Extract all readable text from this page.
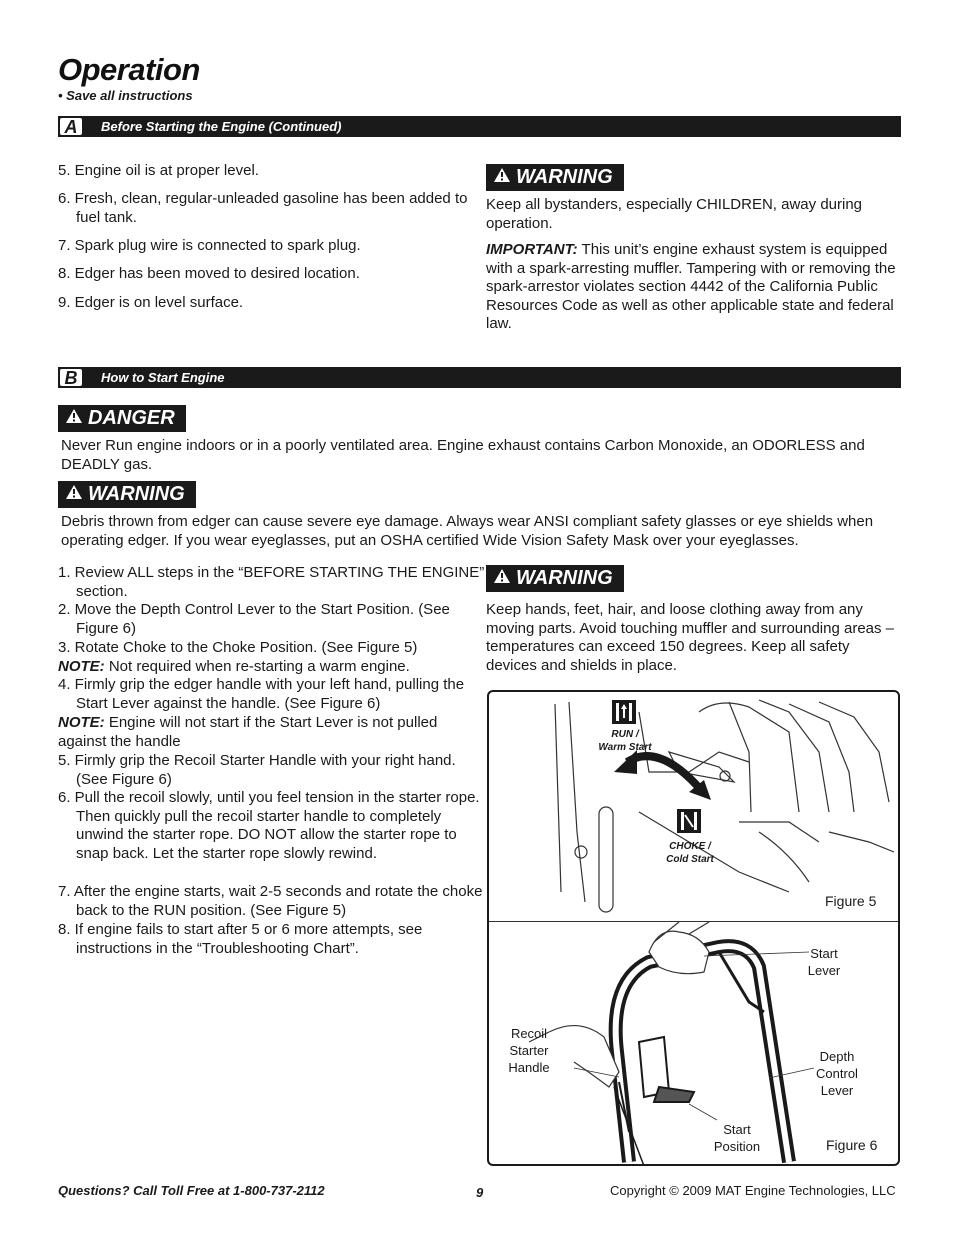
Operation
• Save all instructions
A	Before Starting the Engine (Continued)
5. Engine oil is at proper level.
6. Fresh, clean, regular-unleaded gasoline has been added to fuel tank.
7. Spark plug wire is connected to spark plug.
8. Edger has been moved to desired location.
9. Edger is on level surface.
WARNING
Keep all bystanders, especially CHILDREN, away during operation.
IMPORTANT: This unit’s engine exhaust system is equipped with a spark-arresting muffler. Tampering with or removing the spark-arrestor violates section 4442 of the California Public Resources Code as well as other applicable state and federal law.
B	How to Start Engine
DANGER
Never Run engine indoors or in a poorly ventilated area. Engine exhaust contains Carbon Monoxide, an ODORLESS and DEADLY gas.
WARNING
Debris thrown from edger can cause severe eye damage. Always wear ANSI compliant safety glasses or eye shields when operating edger. If you wear eyeglasses, put an OSHA certified Wide Vision Safety Mask over your eyeglasses.
1. Review ALL steps in the “BEFORE STARTING THE ENGINE” section.
2. Move the Depth Control Lever to the Start Position. (See Figure 6)
3. Rotate Choke to the Choke Position. (See Figure 5)
NOTE: Not required when re-starting a warm engine.
4. Firmly grip the edger handle with your left hand, pulling the Start Lever against the handle. (See Figure 6)
NOTE: Engine will not start if the Start Lever is not pulled against the handle
5. Firmly grip the Recoil Starter Handle with your right hand. (See Figure 6)
6. Pull the recoil slowly, until you feel tension in the starter rope. Then quickly pull the recoil starter handle to completely unwind the starter rope. DO NOT allow the starter rope to snap back. Let the starter rope slowly rewind.
7. After the engine starts, wait 2-5 seconds and rotate the choke back to the RUN position. (See Figure 5)
8. If engine fails to start after 5 or 6 more attempts, see instructions in the “Troubleshooting Chart”.
WARNING
Keep hands, feet, hair, and loose clothing away from any moving parts. Avoid touching muffler and surrounding areas – temperatures can exceed 150 degrees. Keep all safety devices and shields in place.
RUN /
Warm Start
CHOKE /
Cold Start
Figure 5
Start
Lever
Recoil
Starter
Handle
Depth
Control
Lever
Start
Position	Figure 6
Questions? Call Toll Free at 1-800-737-2112	9	Copyright © 2009 MAT Engine Technologies, LLC
